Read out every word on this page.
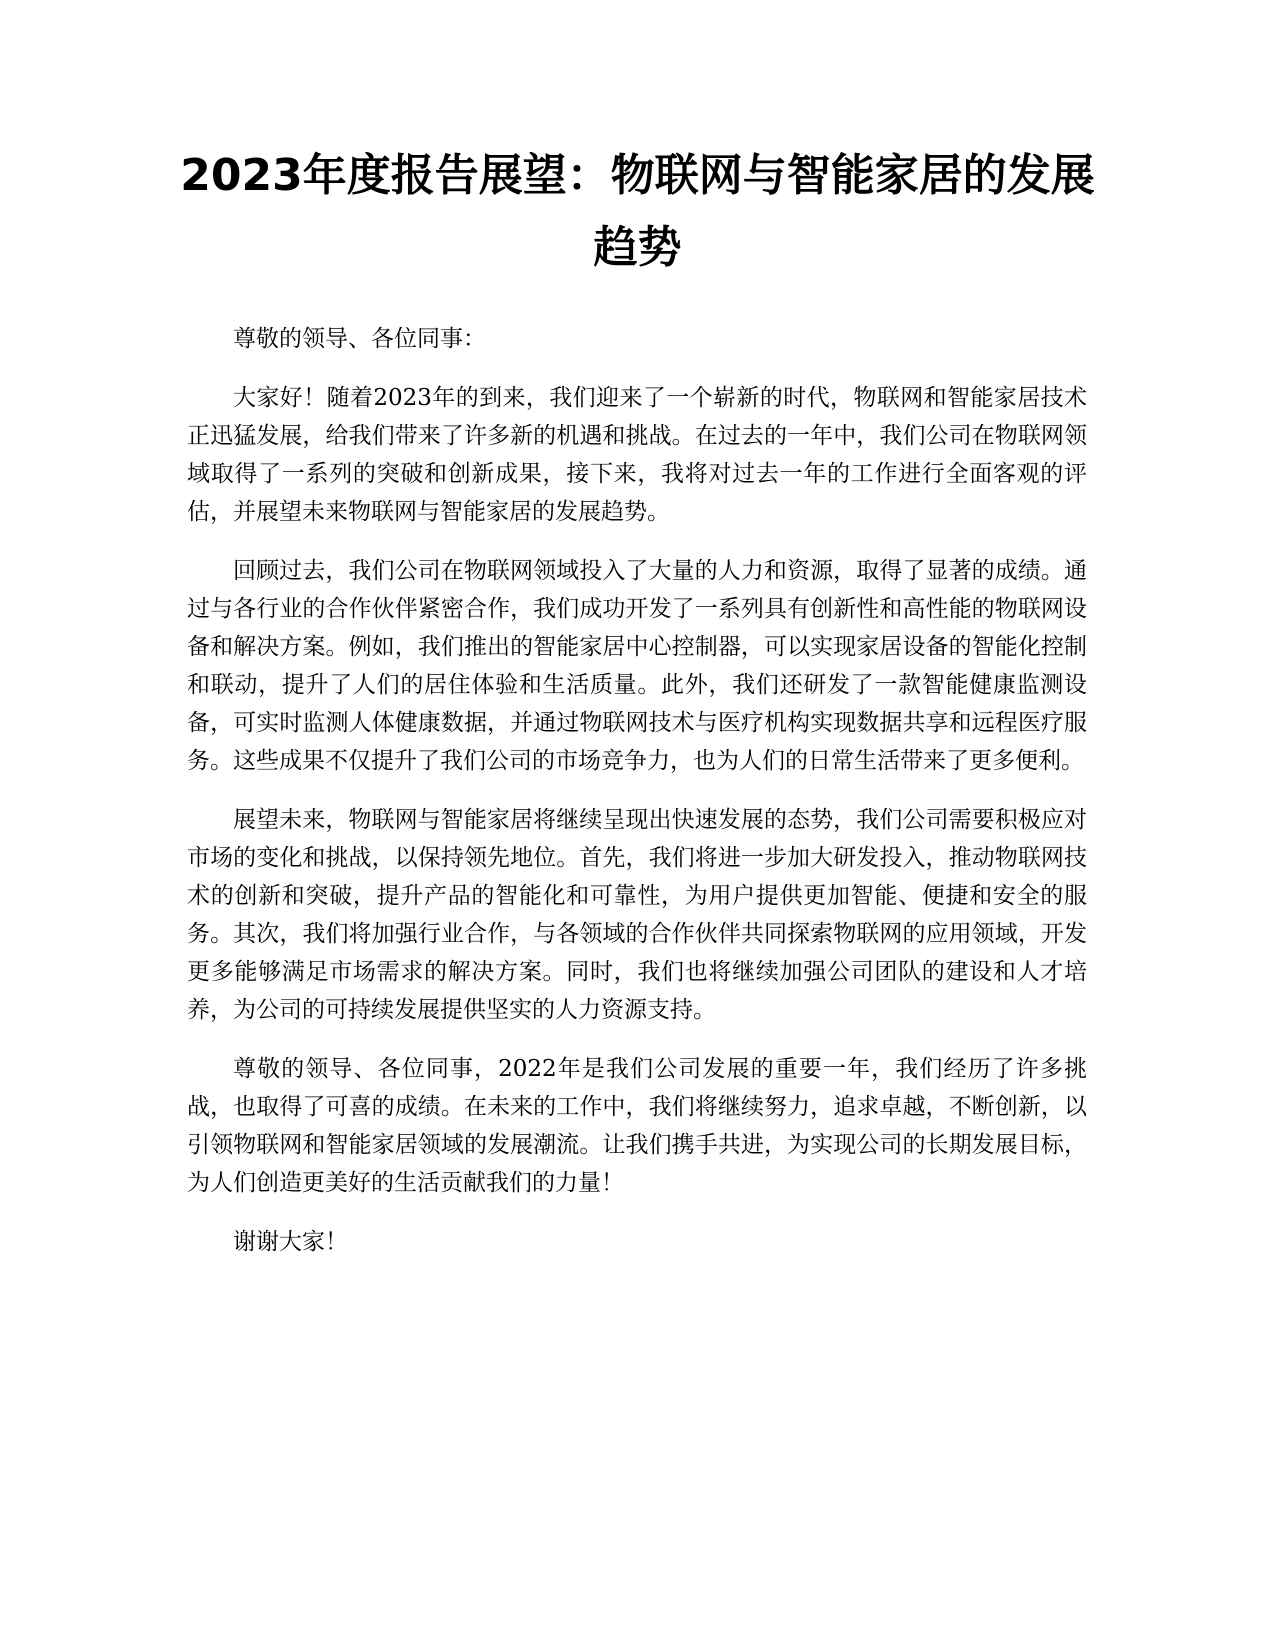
2023年度报告展望：物联网与智能家居的发展趋势

尊敬的领导、各位同事：

大家好！随着2023年的到来，我们迎来了一个崭新的时代，物联网和智能家居技术正迅猛发展，给我们带来了许多新的机遇和挑战。在过去的一年中，我们公司在物联网领域取得了一系列的突破和创新成果，接下来，我将对过去一年的工作进行全面客观的评估，并展望未来物联网与智能家居的发展趋势。

回顾过去，我们公司在物联网领域投入了大量的人力和资源，取得了显著的成绩。通过与各行业的合作伙伴紧密合作，我们成功开发了一系列具有创新性和高性能的物联网设备和解决方案。例如，我们推出的智能家居中心控制器，可以实现家居设备的智能化控制和联动，提升了人们的居住体验和生活质量。此外，我们还研发了一款智能健康监测设备，可实时监测人体健康数据，并通过物联网技术与医疗机构实现数据共享和远程医疗服务。这些成果不仅提升了我们公司的市场竞争力，也为人们的日常生活带来了更多便利。

展望未来，物联网与智能家居将继续呈现出快速发展的态势，我们公司需要积极应对市场的变化和挑战，以保持领先地位。首先，我们将进一步加大研发投入，推动物联网技术的创新和突破，提升产品的智能化和可靠性，为用户提供更加智能、便捷和安全的服务。其次，我们将加强行业合作，与各领域的合作伙伴共同探索物联网的应用领域，开发更多能够满足市场需求的解决方案。同时，我们也将继续加强公司团队的建设和人才培养，为公司的可持续发展提供坚实的人力资源支持。

尊敬的领导、各位同事，2022年是我们公司发展的重要一年，我们经历了许多挑战，也取得了可喜的成绩。在未来的工作中，我们将继续努力，追求卓越，不断创新，以引领物联网和智能家居领域的发展潮流。让我们携手共进，为实现公司的长期发展目标，为人们创造更美好的生活贡献我们的力量！

谢谢大家！
